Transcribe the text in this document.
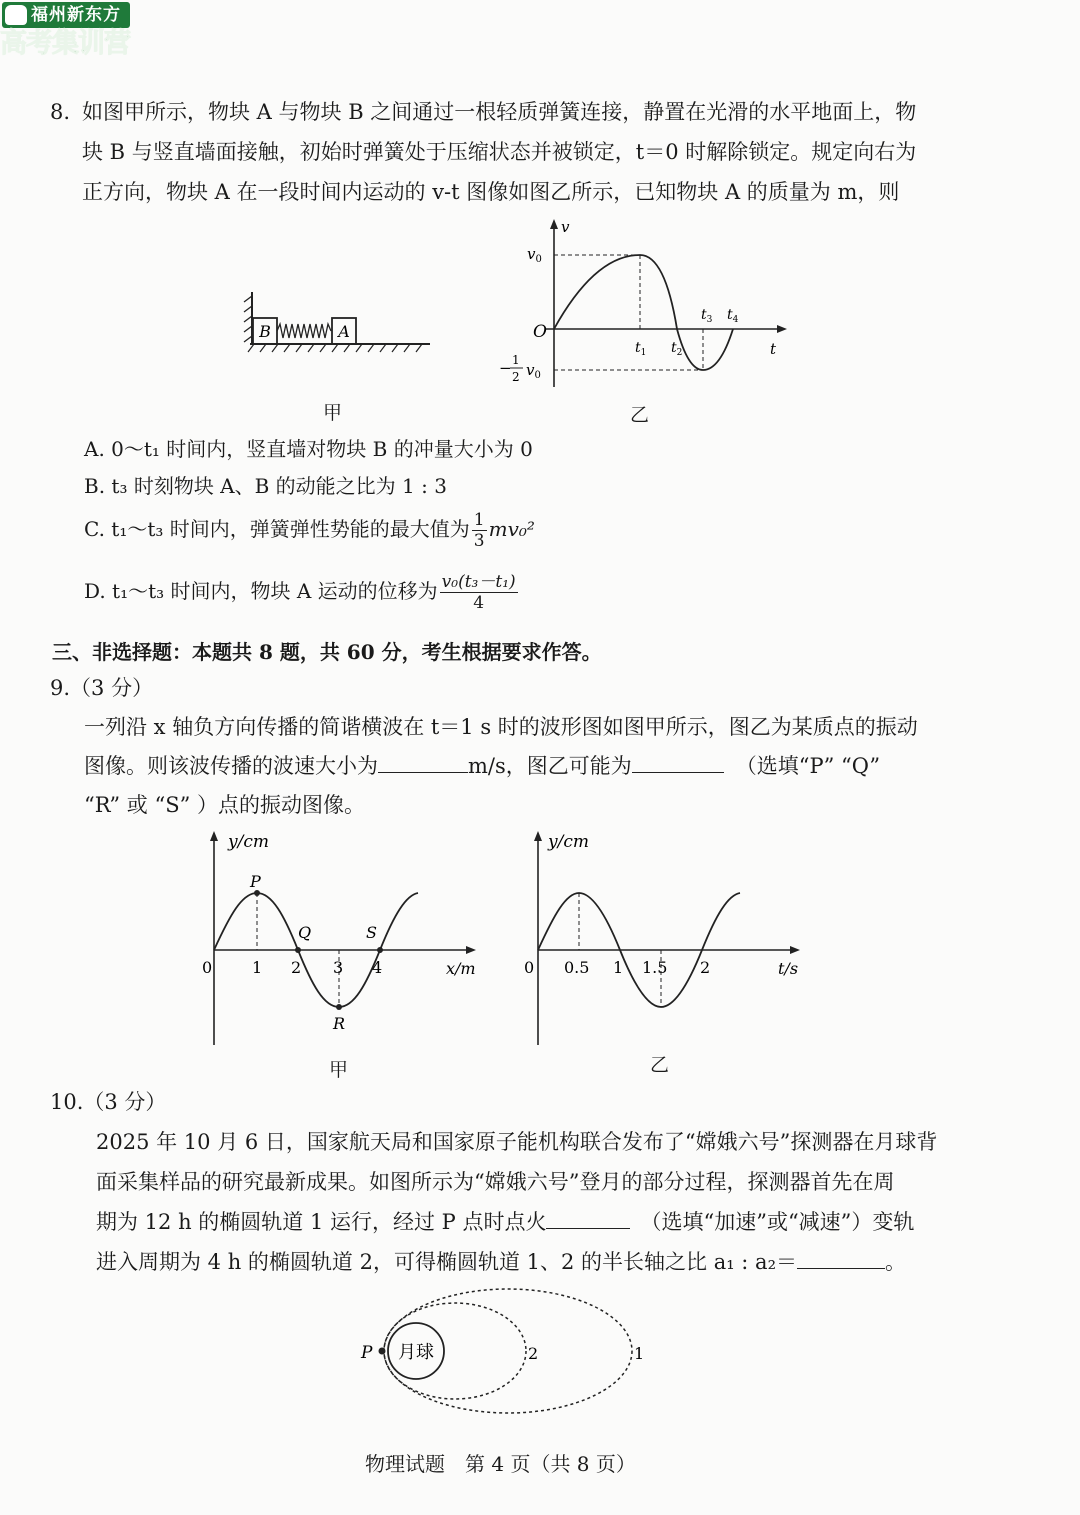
福州新东方
高考集训营
8. 如图甲所示，物块 A 与物块 B 之间通过一根轻质弹簧连接，静置在光滑的水平地面上，物
块 B 与竖直墙面接触，初始时弹簧处于压缩状态并被锁定，t＝0 时解除锁定。规定向右为
正方向，物块 A 在一段时间内运动的 v-t 图像如图乙所示，已知物块 A 的质量为 m，则
B	A
甲
v
t
O
$v_0$
− 1
2 $v_0$
$t_1$ $t_2$
$t_3$ $t_4$
乙
A. 0～t₁ 时间内，竖直墙对物块 B 的冲量大小为 0
B. t₃ 时刻物块 A、B 的动能之比为 1 : 3
C. t₁～t₃ 时间内，弹簧弹性势能的最大值为 $\frac{1}{3} mv_0^2$
D. t₁～t₃ 时间内，物块 A 运动的位移为 $\frac{\text{v₀(t₃－t₁)}}{4}$
三、非选择题：本题共 8 题，共 60 分，考生根据要求作答。
9.（3 分）
一列沿 x 轴负方向传播的简谐横波在 t＝1 s 时的波形图如图甲所示，图乙为某质点的振动
图像。则该波传播的波速大小为	m/s，图乙可能为	（选填“P” “Q”
“R” 或 “S” ）点的振动图像。
y/cm
x/m
P
Q
R
S
0 1 2 3 4
甲
y/cm
t/s
0 0.5 1 1.5 2
乙
10.（3 分）
2025 年 10 月 6 日，国家航天局和国家原子能机构联合发布了“嫦娥六号”探测器在月球背
面采集样品的研究最新成果。如图所示为“嫦娥六号”登月的部分过程，探测器首先在周
期为 12 h 的椭圆轨道 1 运行，经过 P 点时点火	（选填“加速”或“减速”）变轨
进入周期为 4 h 的椭圆轨道 2，可得椭圆轨道 1、2 的半长轴之比 a₁ : a₂＝	。
月球
P	2	1
物理试题　第 4 页（共 8 页）
